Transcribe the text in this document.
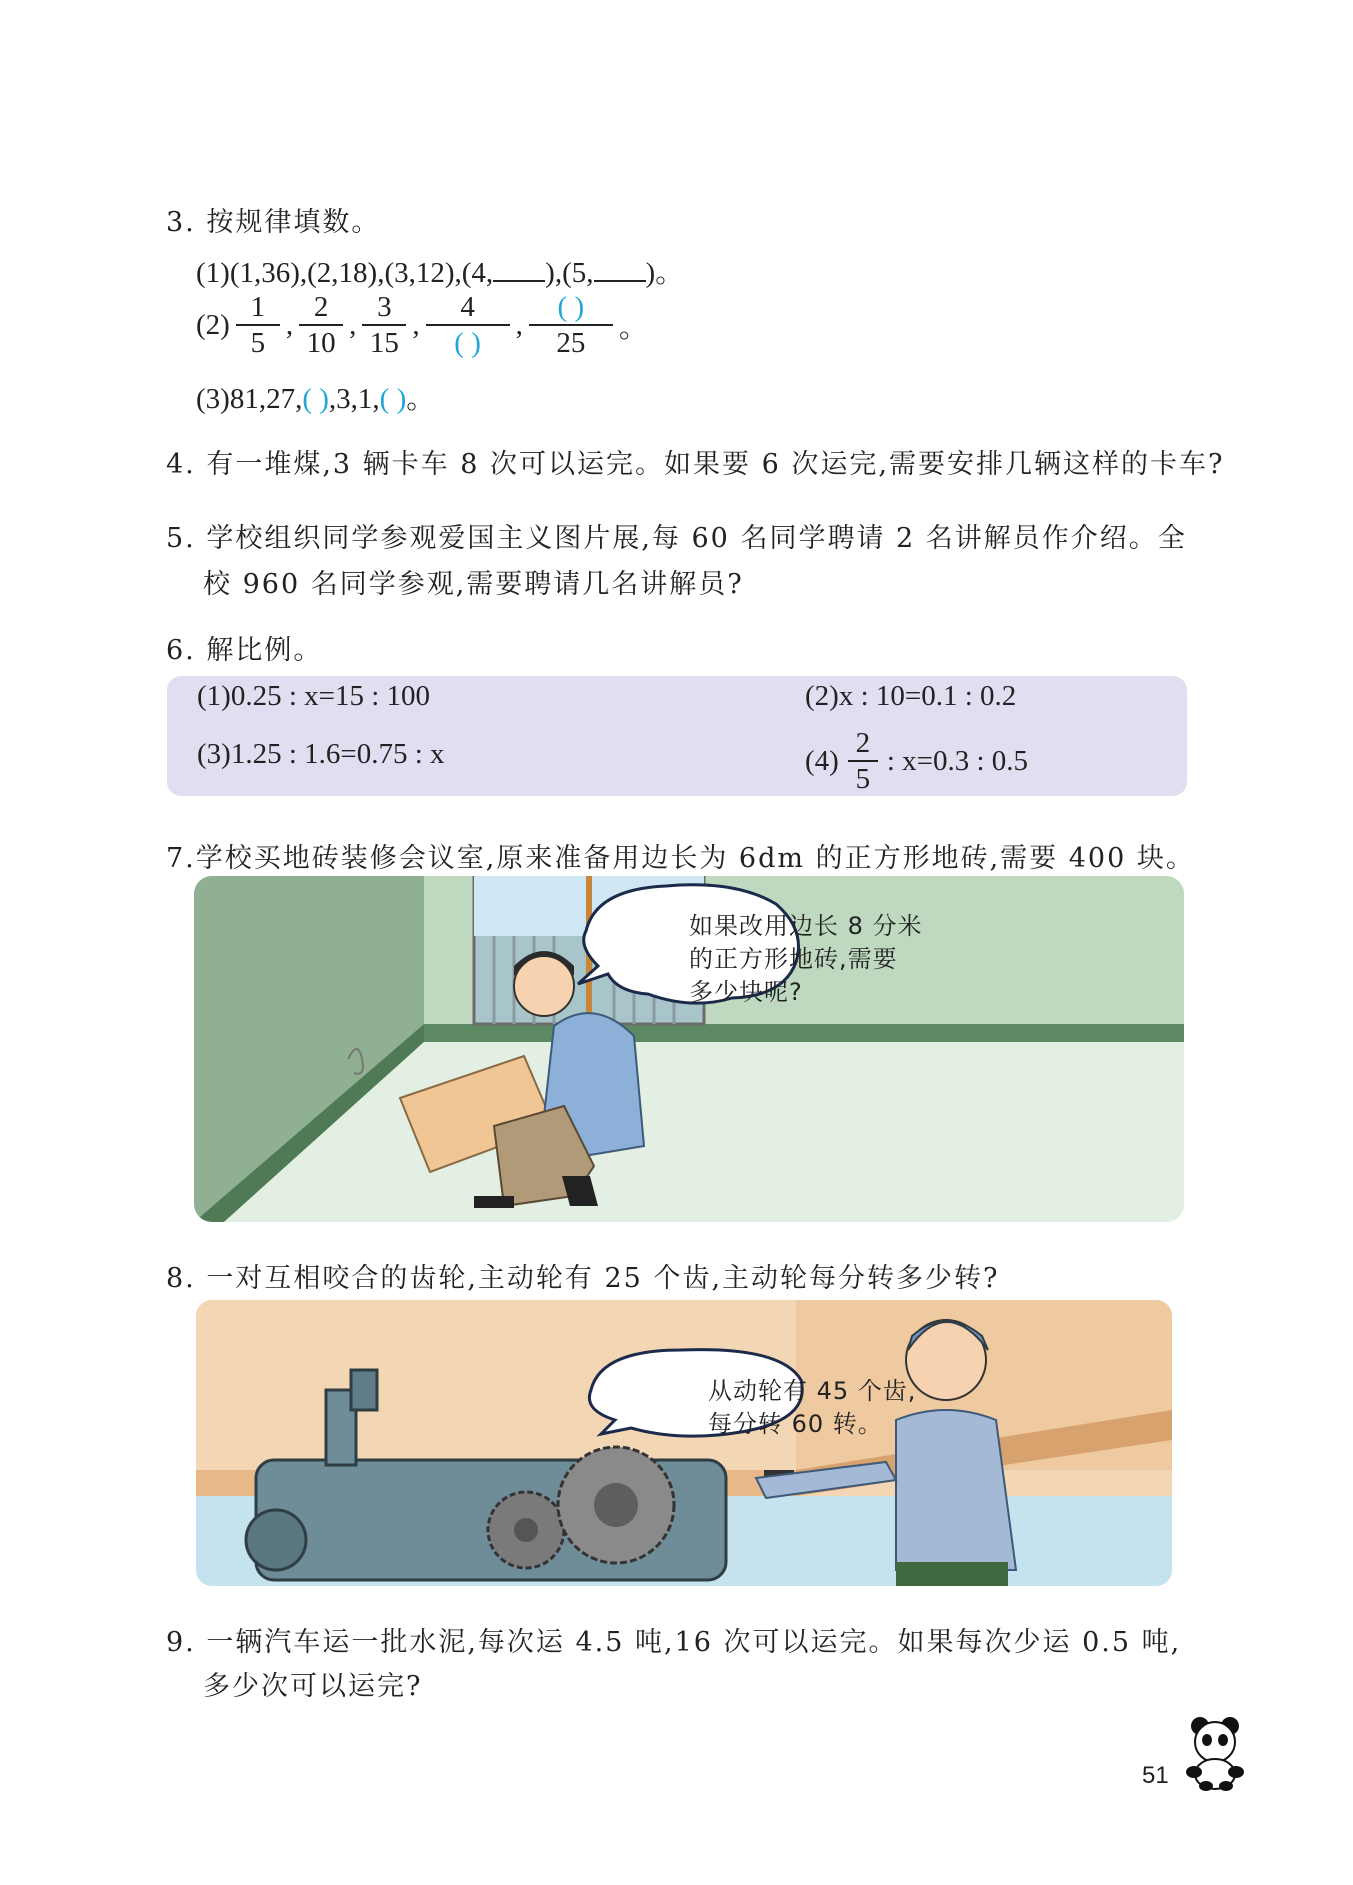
3. 按规律填数。
(1)(1,36),(2,18),(3,12),(4, ),(5, )。
$(2) \frac{1}{5}$ , $\frac{2}{10}$ , $\frac{3}{15}$ , $\frac{4}{( )}$ , $\frac{( )}{25}$ 。
(3)81,27,( ),3,1,( )。
4. 有一堆煤,3 辆卡车 8 次可以运完。如果要 6 次运完,需要安排几辆这样的卡车?
5. 学校组织同学参观爱国主义图片展,每 60 名同学聘请 2 名讲解员作介绍。全
校 960 名同学参观,需要聘请几名讲解员?
6. 解比例。
(1)0.25 : x=15 : 100	(2)x : 10=0.1 : 0.2
(3)1.25 : 1.6=0.75 : x	$(4) \frac{2}{5}$ : x=0.3 : 0.5
7.学校买地砖装修会议室,原来准备用边长为 6dm 的正方形地砖,需要 400 块。
如果改用边长 8 分米
的正方形地砖,需要
多少块呢?
8. 一对互相咬合的齿轮,主动轮有 25 个齿,主动轮每分转多少转?
从动轮有 45 个齿,
每分转 60 转。
9. 一辆汽车运一批水泥,每次运 4.5 吨,16 次可以运完。如果每次少运 0.5 吨,
多少次可以运完?
51
